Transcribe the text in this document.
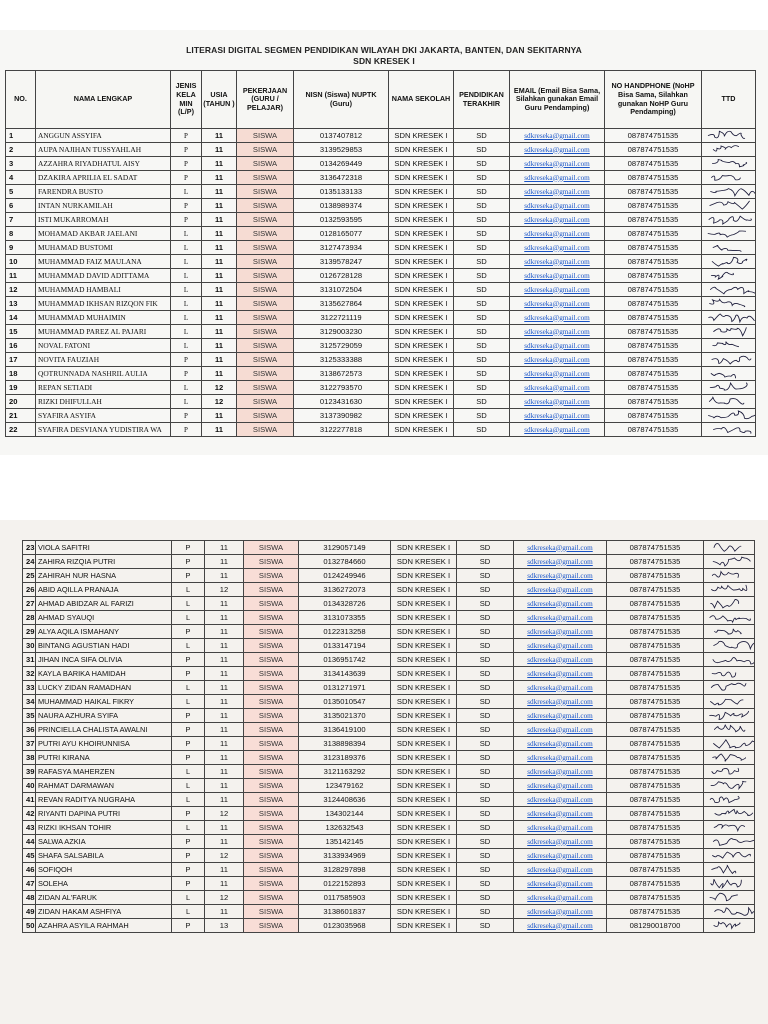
LITERASI DIGITAL SEGMEN PENDIDIKAN WILAYAH DKI JAKARTA, BANTEN, DAN SEKITARNYA
SDN KRESEK I
NO.	NAMA LENGKAP	JENIS KELA MIN (L/P)	USIA (TAHUN )	PEKERJAAN (GURU / PELAJAR)	NISN (Siswa) NUPTK (Guru)	NAMA SEKOLAH	PENDIDIKAN TERAKHIR	EMAIL (Email Bisa Sama, Silahkan gunakan Email Guru Pendamping)	NO HANDPHONE (NoHP Bisa Sama, Silahkan gunakan NoHP Guru Pendamping)	TTD
1	ANGGUN ASSYIFA	P	11	SISWA	0137407812	SDN KRESEK I	SD	sdkreseka@gmail.com	087874751535	

2	AUPA NAJIHAN TUSSYAHLAH	P	11	SISWA	3139529853	SDN KRESEK I	SD	sdkreseka@gmail.com	087874751535	

3	AZZAHRA RIYADHATUL AISY	P	11	SISWA	0134269449	SDN KRESEK I	SD	sdkreseka@gmail.com	087874751535	

4	DZAKIRA APRILIA EL SADAT	P	11	SISWA	3136472318	SDN KRESEK I	SD	sdkreseka@gmail.com	087874751535	

5	FARENDRA BUSTO	L	11	SISWA	0135133133	SDN KRESEK I	SD	sdkreseka@gmail.com	087874751535	

6	INTAN NURKAMILAH	P	11	SISWA	0138989374	SDN KRESEK I	SD	sdkreseka@gmail.com	087874751535	

7	ISTI MUKARROMAH	P	11	SISWA	0132593595	SDN KRESEK I	SD	sdkreseka@gmail.com	087874751535	

8	MOHAMAD AKBAR JAELANI	L	11	SISWA	0128165077	SDN KRESEK I	SD	sdkreseka@gmail.com	087874751535	

9	MUHAMAD BUSTOMI	L	11	SISWA	3127473934	SDN KRESEK I	SD	sdkreseka@gmail.com	087874751535	

10	MUHAMMAD FAIZ MAULANA	L	11	SISWA	3139578247	SDN KRESEK I	SD	sdkreseka@gmail.com	087874751535	

11	MUHAMMAD DAVID ADITTAMA	L	11	SISWA	0126728128	SDN KRESEK I	SD	sdkreseka@gmail.com	087874751535	

12	MUHAMMAD HAMBALI	L	11	SISWA	3131072504	SDN KRESEK I	SD	sdkreseka@gmail.com	087874751535	

13	MUHAMMAD IKHSAN RIZQON FIK	L	11	SISWA	3135627864	SDN KRESEK I	SD	sdkreseka@gmail.com	087874751535	

14	MUHAMMAD MUHAIMIN	L	11	SISWA	3122721119	SDN KRESEK I	SD	sdkreseka@gmail.com	087874751535	

15	MUHAMMAD PAREZ AL PAJARI	L	11	SISWA	3129003230	SDN KRESEK I	SD	sdkreseka@gmail.com	087874751535	

16	NOVAL FATONI	L	11	SISWA	3125729059	SDN KRESEK I	SD	sdkreseka@gmail.com	087874751535	

17	NOVITA FAUZIAH	P	11	SISWA	3125333388	SDN KRESEK I	SD	sdkreseka@gmail.com	087874751535	

18	QOTRUNNADA NASHRIL AULIA	P	11	SISWA	3138672573	SDN KRESEK I	SD	sdkreseka@gmail.com	087874751535	

19	REPAN SETIADI	L	12	SISWA	3122793570	SDN KRESEK I	SD	sdkreseka@gmail.com	087874751535	

20	RIZKI DHIFULLAH	L	12	SISWA	0123431630	SDN KRESEK I	SD	sdkreseka@gmail.com	087874751535	

21	SYAFIRA ASYIFA	P	11	SISWA	3137390982	SDN KRESEK I	SD	sdkreseka@gmail.com	087874751535	

22	SYAFIRA DESVIANA YUDISTIRA WA	P	11	SISWA	3122277818	SDN KRESEK I	SD	sdkreseka@gmail.com	087874751535	
23	VIOLA SAFITRI	P	11	SISWA	3129057149	SDN KRESEK I	SD	sdkreseka@gmail.com	087874751535	

24	ZAHIRA RIZQIA PUTRI	P	11	SISWA	0132784660	SDN KRESEK I	SD	sdkreseka@gmail.com	087874751535	

25	ZAHIRAH NUR HASNA	P	11	SISWA	0124249946	SDN KRESEK I	SD	sdkreseka@gmail.com	087874751535	

26	ABID AQILLA PRANAJA	L	12	SISWA	3136272073	SDN KRESEK I	SD	sdkreseka@gmail.com	087874751535	

27	AHMAD ABIDZAR AL FARIZI	L	11	SISWA	0134328726	SDN KRESEK I	SD	sdkreseka@gmail.com	087874751535	

28	AHMAD SYAUQI	L	11	SISWA	3131073355	SDN KRESEK I	SD	sdkreseka@gmail.com	087874751535	

29	ALYA AQILA ISMAHANY	P	11	SISWA	0122313258	SDN KRESEK I	SD	sdkreseka@gmail.com	087874751535	

30	BINTANG AGUSTIAN HADI	L	11	SISWA	0133147194	SDN KRESEK I	SD	sdkreseka@gmail.com	087874751535	

31	JIHAN INCA SIFA OLIVIA	P	11	SISWA	0136951742	SDN KRESEK I	SD	sdkreseka@gmail.com	087874751535	

32	KAYLA BARIKA HAMIDAH	P	11	SISWA	3134143639	SDN KRESEK I	SD	sdkreseka@gmail.com	087874751535	

33	LUCKY ZIDAN RAMADHAN	L	11	SISWA	0131271971	SDN KRESEK I	SD	sdkreseka@gmail.com	087874751535	

34	MUHAMMAD HAIKAL FIKRY	L	11	SISWA	0135010547	SDN KRESEK I	SD	sdkreseka@gmail.com	087874751535	

35	NAURA AZHURA SYIFA	P	11	SISWA	3135021370	SDN KRESEK I	SD	sdkreseka@gmail.com	087874751535	

36	PRINCIELLA CHALISTA AWALNI	P	11	SISWA	3136419100	SDN KRESEK I	SD	sdkreseka@gmail.com	087874751535	

37	PUTRI AYU KHOIRUNNISA	P	11	SISWA	3138898394	SDN KRESEK I	SD	sdkreseka@gmail.com	087874751535	

38	PUTRI KIRANA	P	11	SISWA	3123189376	SDN KRESEK I	SD	sdkreseka@gmail.com	087874751535	

39	RAFASYA MAHERZEN	L	11	SISWA	3121163292	SDN KRESEK I	SD	sdkreseka@gmail.com	087874751535	

40	RAHMAT DARMAWAN	L	11	SISWA	123479162	SDN KRESEK I	SD	sdkreseka@gmail.com	087874751535	

41	REVAN RADITYA NUGRAHA	L	11	SISWA	3124408636	SDN KRESEK I	SD	sdkreseka@gmail.com	087874751535	

42	RIYANTI DAPINA PUTRI	P	12	SISWA	134302144	SDN KRESEK I	SD	sdkreseka@gmail.com	087874751535	

43	RIZKI IKHSAN TOHIR	L	11	SISWA	132632543	SDN KRESEK I	SD	sdkreseka@gmail.com	087874751535	

44	SALWA AZKIA	P	11	SISWA	135142145	SDN KRESEK I	SD	sdkreseka@gmail.com	087874751535	

45	SHAFA SALSABILA	P	12	SISWA	3133934969	SDN KRESEK I	SD	sdkreseka@gmail.com	087874751535	

46	SOFIQOH	P	11	SISWA	3128297898	SDN KRESEK I	SD	sdkreseka@gmail.com	087874751535	

47	SOLEHA	P	11	SISWA	0122152893	SDN KRESEK I	SD	sdkreseka@gmail.com	087874751535	

48	ZIDAN AL'FARUK	L	12	SISWA	0117585903	SDN KRESEK I	SD	sdkreseka@gmail.com	087874751535	

49	ZIDAN HAKAM ASHFIYA	L	11	SISWA	3138601837	SDN KRESEK I	SD	sdkreseka@gmail.com	087874751535	

50	AZAHRA ASYILA RAHMAH	P	13	SISWA	0123035968	SDN KRESEK I	SD	sdkreseka@gmail.com	081290018700	
